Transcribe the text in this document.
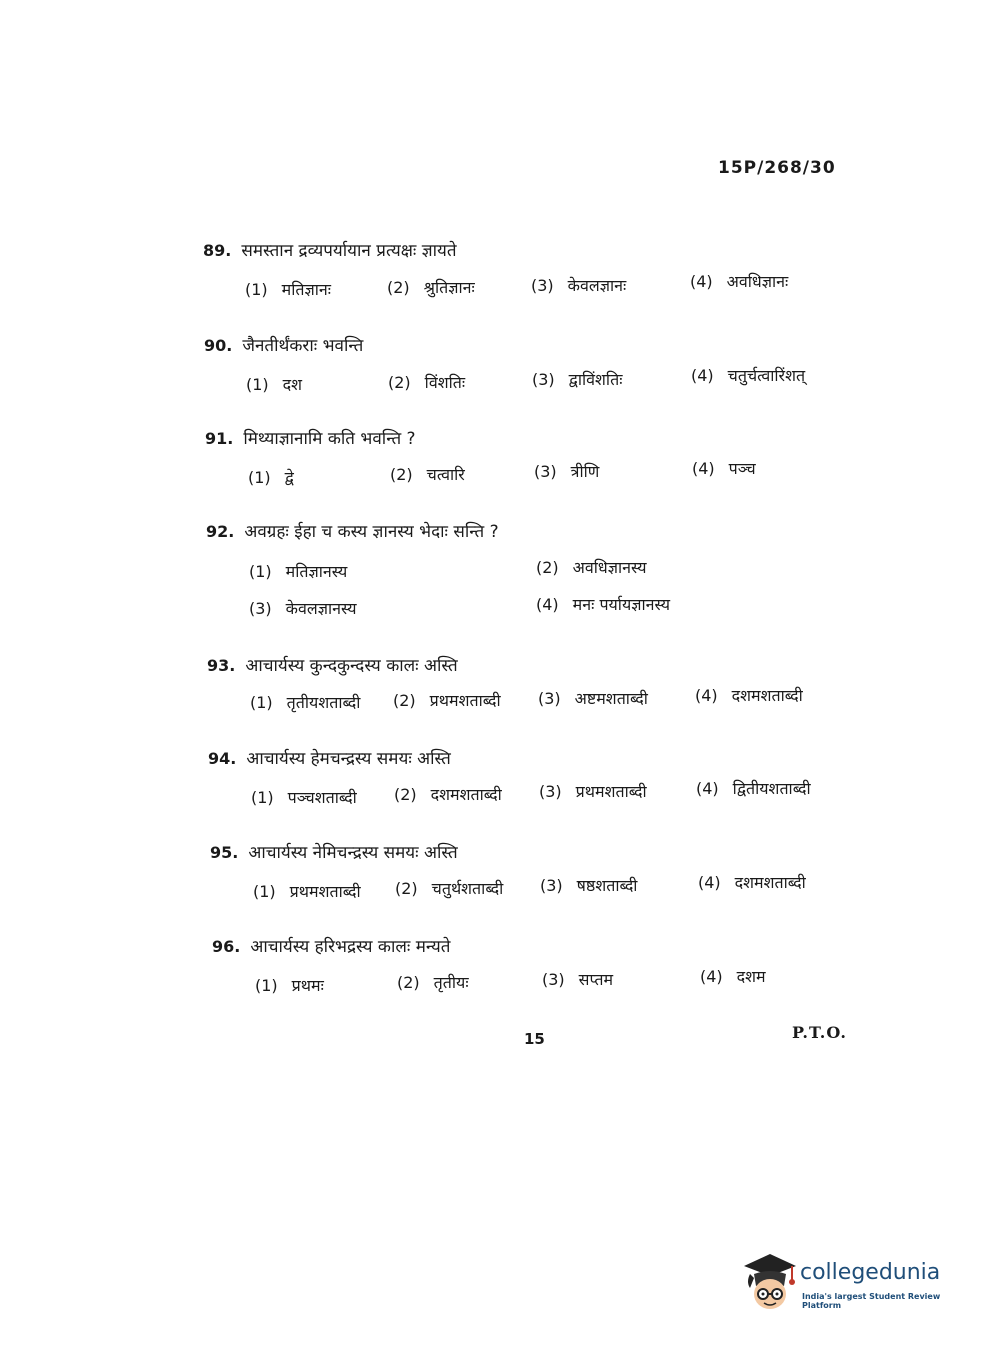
15P/268/30
89. समस्तान द्रव्यपर्यायान प्रत्यक्षः ज्ञायते
(1) मतिज्ञानः	(2) श्रुतिज्ञानः	(3) केवलज्ञानः	(4) अवधिज्ञानः
90. जैनतीर्थंकराः भवन्ति
(1) दश	(2) विंशतिः	(3) द्वाविंशतिः	(4) चतुर्चत्वारिंशत्
91. मिथ्याज्ञानामि कति भवन्ति ?
(1) द्वे	(2) चत्वारि	(3) त्रीणि	(4) पञ्च
92. अवग्रहः ईहा च कस्य ज्ञानस्य भेदाः सन्ति ?
(1) मतिज्ञानस्य	(2) अवधिज्ञानस्य
(3) केवलज्ञानस्य	(4) मनः पर्यायज्ञानस्य
93. आचार्यस्य कुन्दकुन्दस्य कालः अस्ति
(1) तृतीयशताब्दी (2) प्रथमशताब्दी (3) अष्टमशताब्दी	(4) दशमशताब्दी
94. आचार्यस्य हेमचन्द्रस्य समयः अस्ति
(1) पञ्चशताब्दी (2) दशमशताब्दी (3) प्रथमशताब्दी	(4) द्वितीयशताब्दी
95. आचार्यस्य नेमिचन्द्रस्य समयः अस्ति
(1) प्रथमशताब्दी (2) चतुर्थशताब्दी (3) षष्ठशताब्दी	(4) दशमशताब्दी
96. आचार्यस्य हरिभद्रस्य कालः मन्यते
(1) प्रथमः	(2) तृतीयः	(3) सप्तम	(4) दशम
15	P.T.O.
collegedunia
India's largest Student Review Platform
